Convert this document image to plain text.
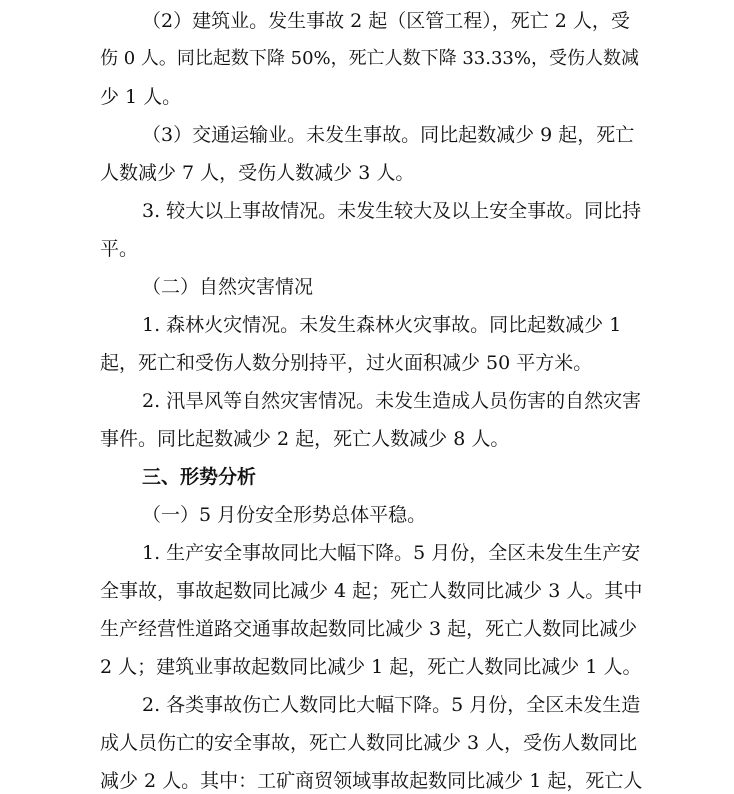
（2）建筑业。发生事故 2 起（区管工程），死亡 2 人，受
伤 0 人。同比起数下降 50%，死亡人数下降 33.33%，受伤人数减
少 1 人。
（3）交通运输业。未发生事故。同比起数减少 9 起，死亡
人数减少 7 人，受伤人数减少 3 人。
3. 较大以上事故情况。未发生较大及以上安全事故。同比持
平。
（二）自然灾害情况
1. 森林火灾情况。未发生森林火灾事故。同比起数减少 1
起，死亡和受伤人数分别持平，过火面积减少 50 平方米。
2. 汛旱风等自然灾害情况。未发生造成人员伤害的自然灾害
事件。同比起数减少 2 起，死亡人数减少 8 人。
三、形势分析
（一）5 月份安全形势总体平稳。
1. 生产安全事故同比大幅下降。5 月份，全区未发生生产安
全事故，事故起数同比减少 4 起；死亡人数同比减少 3 人。其中
生产经营性道路交通事故起数同比减少 3 起，死亡人数同比减少
2 人；建筑业事故起数同比减少 1 起，死亡人数同比减少 1 人。
2. 各类事故伤亡人数同比大幅下降。5 月份，全区未发生造
成人员伤亡的安全事故，死亡人数同比减少 3 人，受伤人数同比
减少 2 人。其中：工矿商贸领域事故起数同比减少 1 起，死亡人
